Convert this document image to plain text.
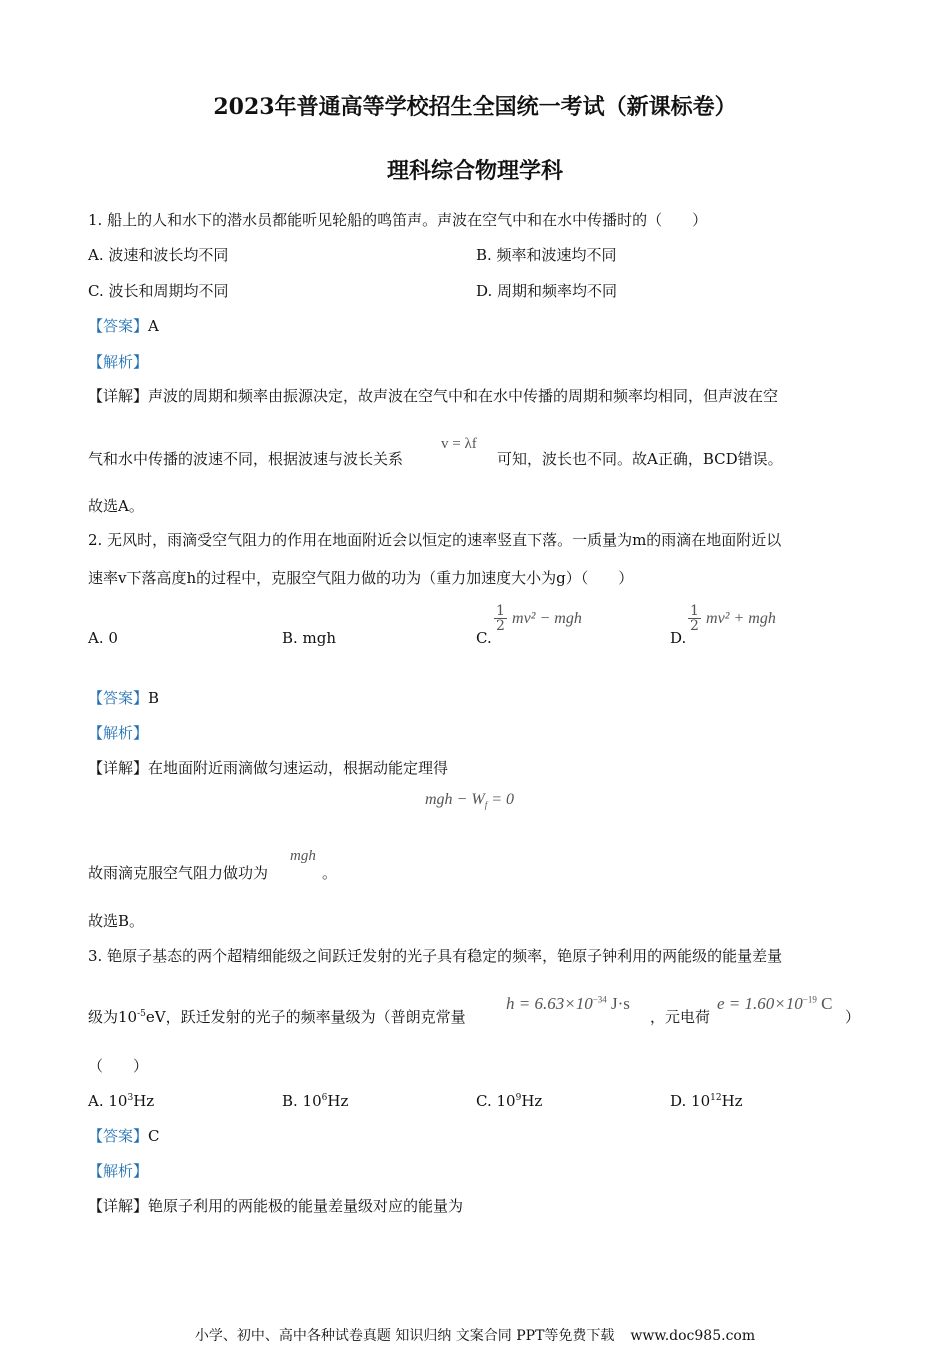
2023年普通高等学校招生全国统一考试（新课标卷）
理科综合物理学科
1. 船上的人和水下的潜水员都能听见轮船的鸣笛声。声波在空气中和在水中传播时的（　　）
A. 波速和波长均不同	B. 频率和波速均不同
C. 波长和周期均不同	D. 周期和频率均不同
【答案】A
【解析】
【详解】声波的周期和频率由振源决定，故声波在空气中和在水中传播的周期和频率均相同，但声波在空
v = λf
气和水中传播的波速不同，根据波速与波长关系	可知，波长也不同。故A正确，BCD错误。
故选A。
2. 无风时，雨滴受空气阻力的作用在地面附近会以恒定的速率竖直下落。一质量为m的雨滴在地面附近以
速率v下落高度h的过程中，克服空气阻力做的功为（重力加速度大小为g）（　　）
A. 0	B. mgh	C.
$\frac{1}{2} mv^2$ − mgh
D.
$\frac{1}{2} mv^2$ + mgh
【答案】B
【解析】
【详解】在地面附近雨滴做匀速运动，根据动能定理得
mgh − $W_f = 0$
mgh
故雨滴克服空气阻力做功为	。
故选B。
3. 铯原子基态的两个超精细能级之间跃迁发射的光子具有稳定的频率，铯原子钟利用的两能级的能量差量
级为$10^{-5}eV$，跃迁发射的光子的频率量级为（普朗克常量
$h = 6.63\times 10^{-34}$ J·s
，元电荷
$e = 1.60\times 10^{-19}$ C
）
（　　）
A. $10^3Hz$	B. $10^6Hz$	C. $10^9Hz$	D. $10^{12}Hz$
【答案】C
【解析】
【详解】铯原子利用的两能极的能量差量级对应的能量为
小学、初中、高中各种试卷真题 知识归纳 文案合同 PPT等免费下载 www.doc985.com
